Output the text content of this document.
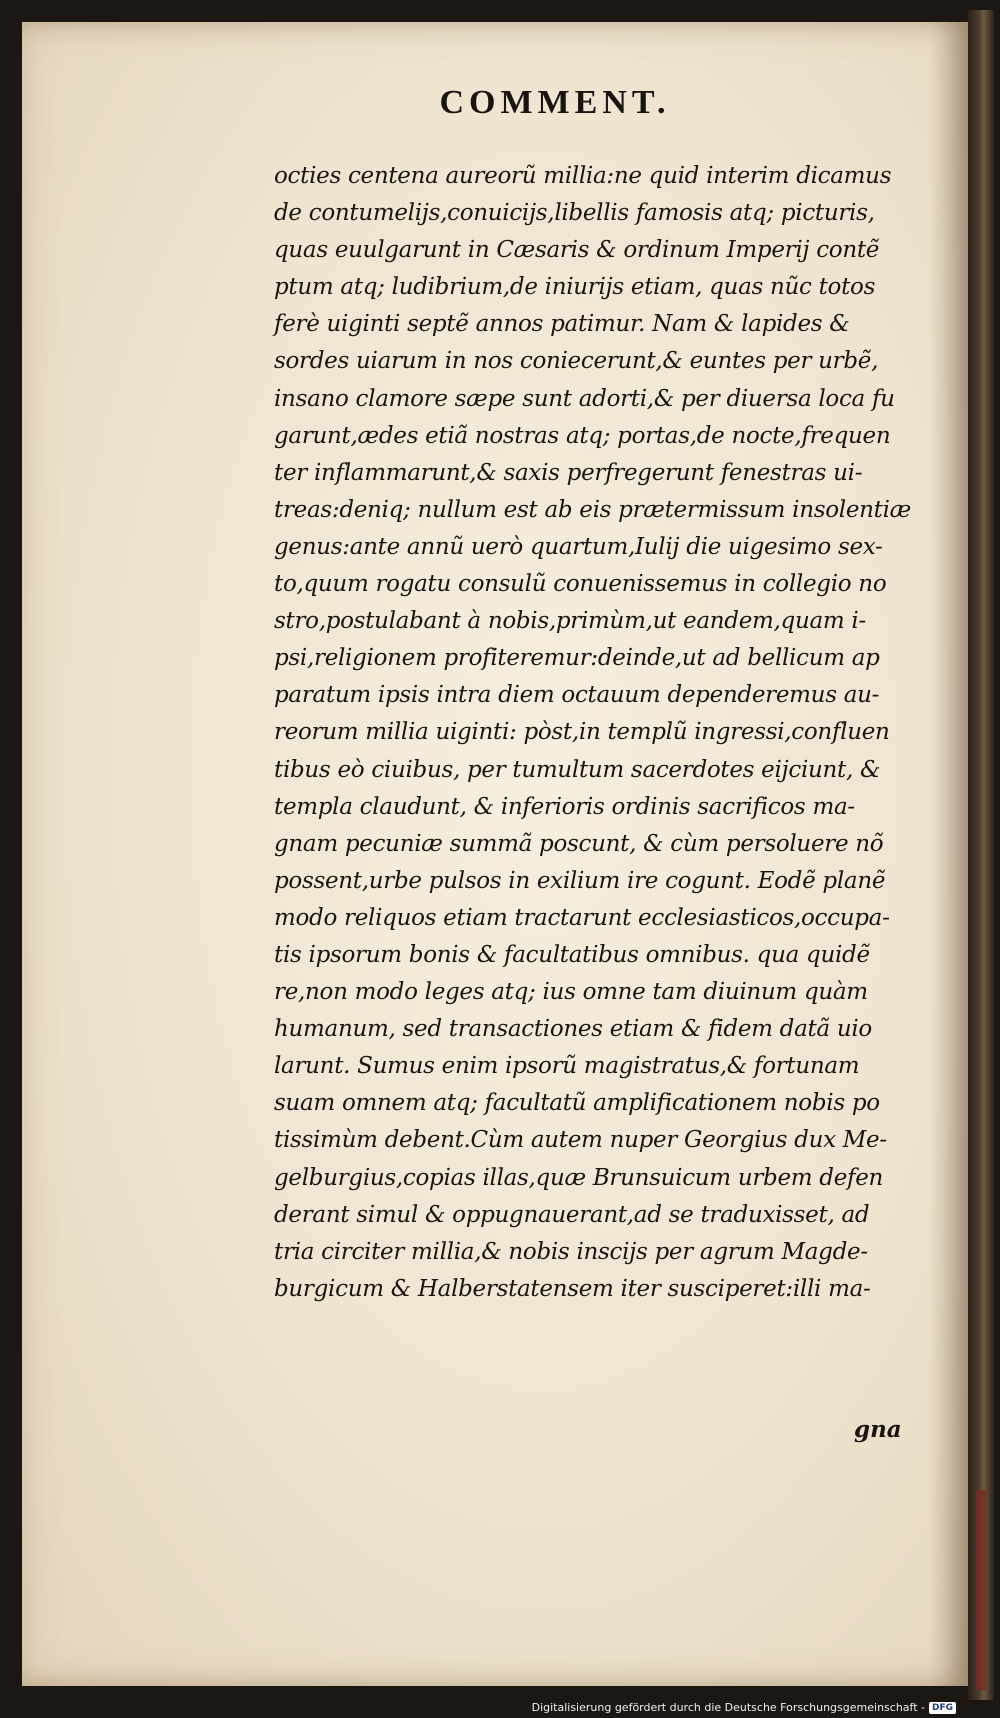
COMMENT.
octies centena aureorũ millia:ne quid interim dicamus
de contumelijs,conuicijs,libellis famosis atq; picturis,
quas euulgarunt in Cæsaris & ordinum Imperij contẽ
ptum atq; ludibrium,de iniurijs etiam, quas nũc totos
ferè uiginti septẽ annos patimur. Nam & lapides &
sordes uiarum in nos coniecerunt,& euntes per urbẽ,
insano clamore sæpe sunt adorti,& per diuersa loca fu
garunt,ædes etiã nostras atq; portas,de nocte,frequen
ter inflammarunt,& saxis perfregerunt fenestras ui-
treas:deniq; nullum est ab eis prætermissum insolentiæ
genus:ante annũ uerò quartum,Iulij die uigesimo sex-
to,quum rogatu consulũ conuenissemus in collegio no
stro,postulabant à nobis,primùm,ut eandem,quam i-
psi,religionem profiteremur:deinde,ut ad bellicum ap
paratum ipsis intra diem octauum dependeremus au-
reorum millia uiginti: pòst,in templũ ingressi,confluen
tibus eò ciuibus, per tumultum sacerdotes eijciunt, &
templa claudunt, & inferioris ordinis sacrificos ma-
gnam pecuniæ summã poscunt, & cùm persoluere nõ
possent,urbe pulsos in exilium ire cogunt. Eodẽ planẽ
modo reliquos etiam tractarunt ecclesiasticos,occupa-
tis ipsorum bonis & facultatibus omnibus. qua quidẽ
re,non modo leges atq; ius omne tam diuinum quàm
humanum, sed transactiones etiam & fidem datã uio
larunt. Sumus enim ipsorũ magistratus,& fortunam
suam omnem atq; facultatũ amplificationem nobis po
tissimùm debent.Cùm autem nuper Georgius dux Me-
gelburgius,copias illas,quæ Brunsuicum urbem defen
derant simul & oppugnauerant,ad se traduxisset, ad
tria circiter millia,& nobis inscijs per agrum Magde-
burgicum & Halberstatensem iter susciperet:illi ma-
gna
Digitalisierung gefördert durch die Deutsche Forschungsgemeinschaft - DFG
